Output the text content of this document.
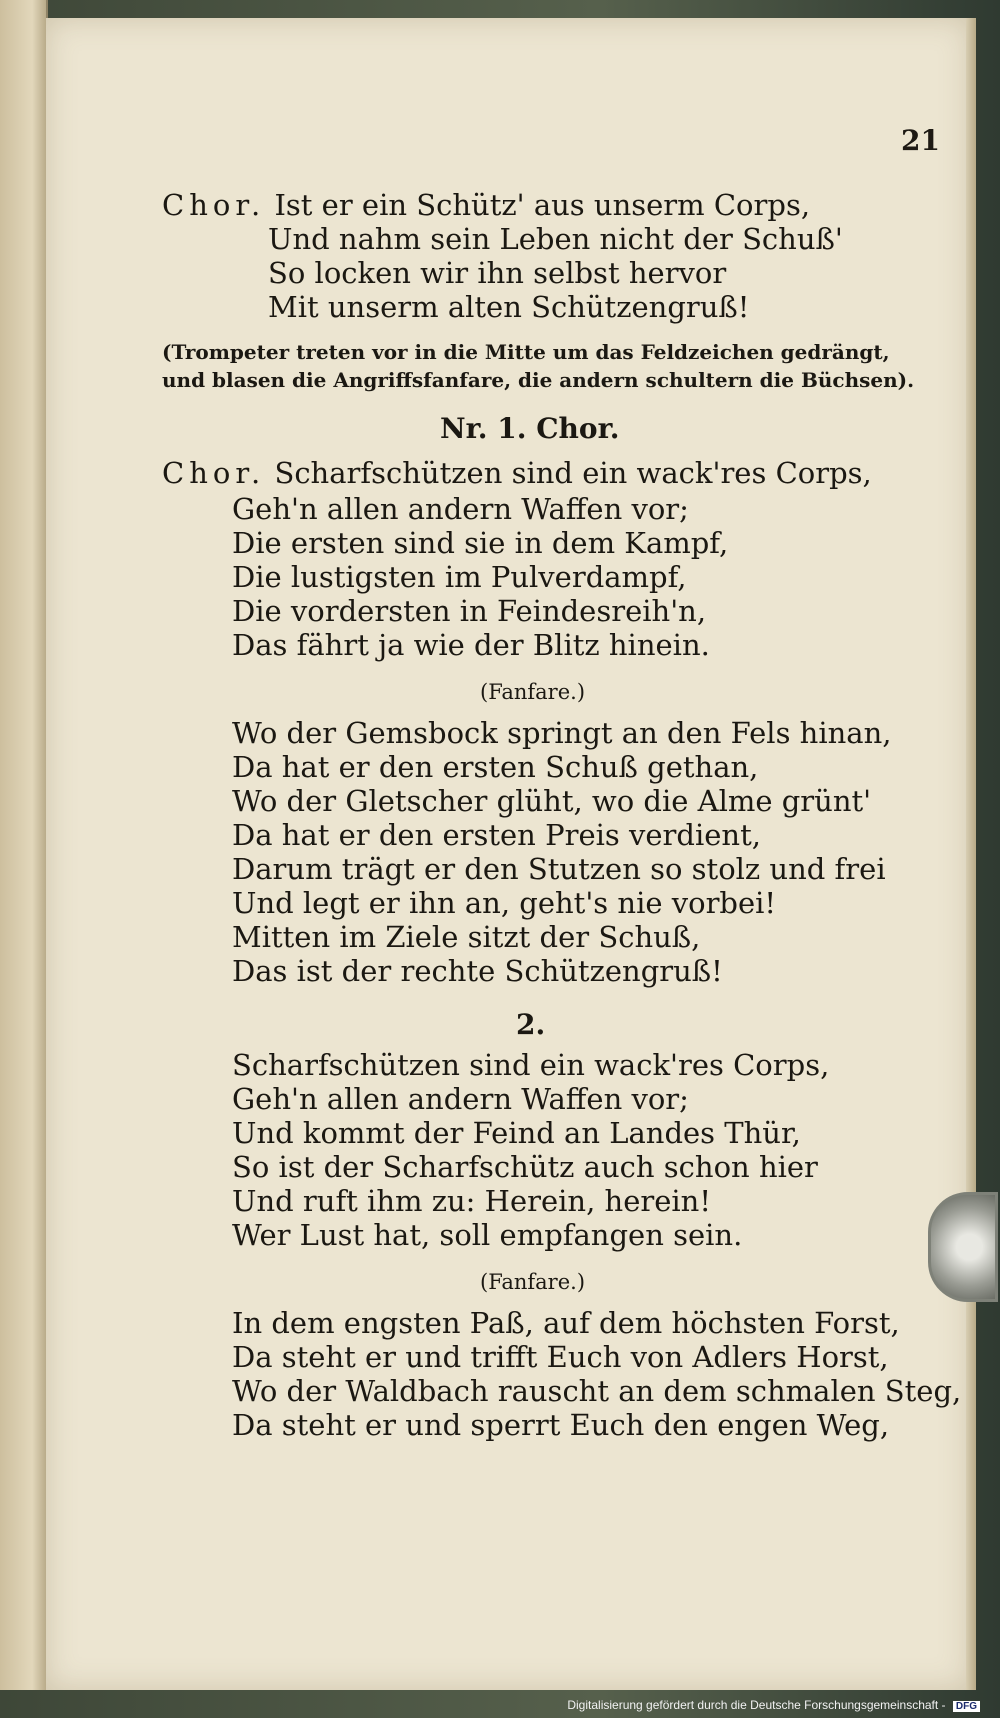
21
Chor. Ist er ein Schütz' aus unserm Corps,
Und nahm sein Leben nicht der Schuß'
So locken wir ihn selbst hervor
Mit unserm alten Schützengruß!
(Trompeter treten vor in die Mitte um das Feldzeichen gedrängt,
und blasen die Angriffsfanfare, die andern schultern die Büchsen).
Nr. 1. Chor.
Chor. Scharfschützen sind ein wack'res Corps,
Geh'n allen andern Waffen vor;
Die ersten sind sie in dem Kampf,
Die lustigsten im Pulverdampf,
Die vordersten in Feindesreih'n,
Das fährt ja wie der Blitz hinein.
(Fanfare.)
Wo der Gemsbock springt an den Fels hinan,
Da hat er den ersten Schuß gethan,
Wo der Gletscher glüht, wo die Alme grünt'
Da hat er den ersten Preis verdient,
Darum trägt er den Stutzen so stolz und frei
Und legt er ihn an, geht's nie vorbei!
Mitten im Ziele sitzt der Schuß,
Das ist der rechte Schützengruß!
2.
Scharfschützen sind ein wack'res Corps,
Geh'n allen andern Waffen vor;
Und kommt der Feind an Landes Thür,
So ist der Scharfschütz auch schon hier
Und ruft ihm zu: Herein, herein!
Wer Lust hat, soll empfangen sein.
(Fanfare.)
In dem engsten Paß, auf dem höchsten Forst,
Da steht er und trifft Euch von Adlers Horst,
Wo der Waldbach rauscht an dem schmalen Steg,
Da steht er und sperrt Euch den engen Weg,
Digitalisierung gefördert durch die Deutsche Forschungsgemeinschaft - DFG
